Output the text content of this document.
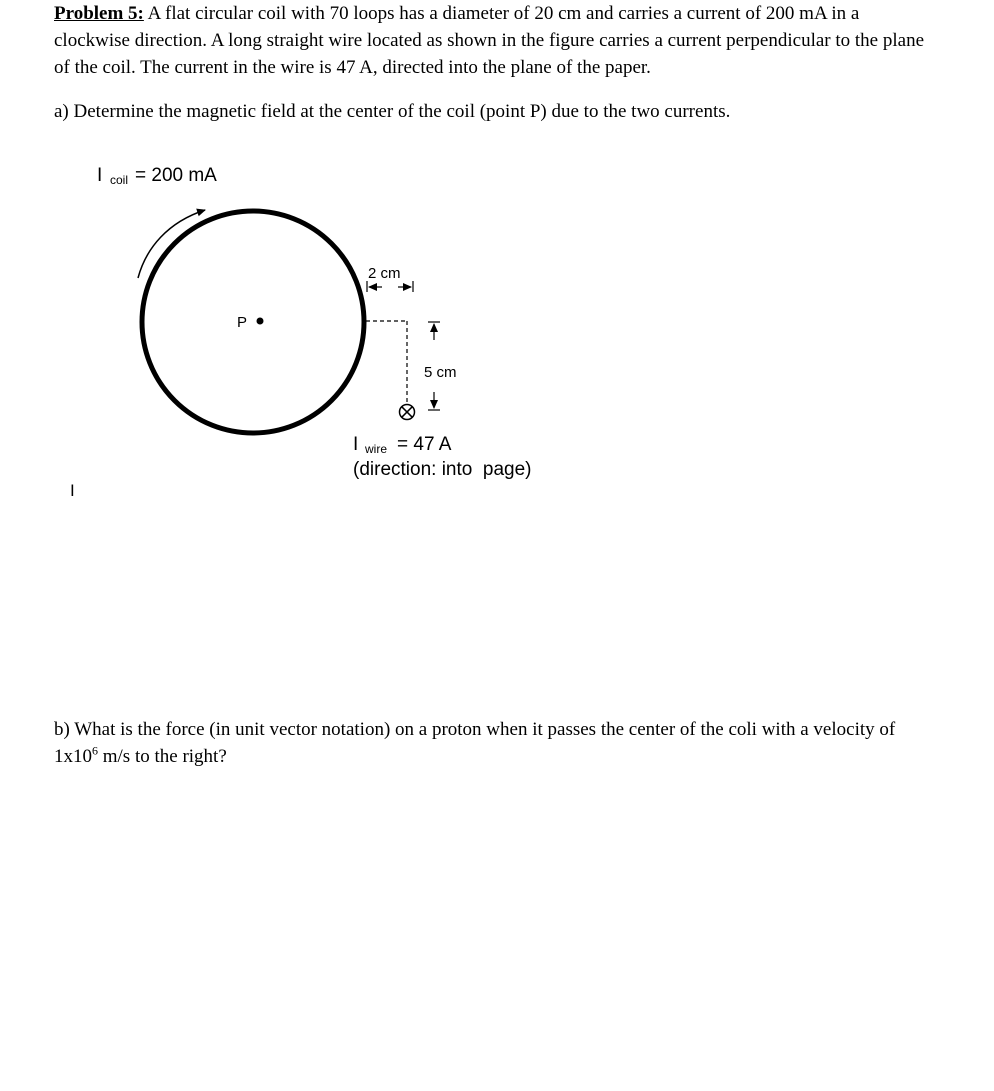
Problem 5: A flat circular coil with 70 loops has a diameter of 20 cm and carries a current of 200 mA in a clockwise direction. A long straight wire located as shown in the figure carries a current perpendicular to the plane of the coil. The current in the wire is 47 A, directed into the plane of the paper.
a) Determine the magnetic field at the center of the coil (point P) due to the two currents.
I coil = 200 mA
P
2 cm
5 cm
I wire = 47 A
(direction: into  page)
I
b) What is the force (in unit vector notation) on a proton when it passes the center of the coli with a velocity of $1x10^6$ m/s to the right?
